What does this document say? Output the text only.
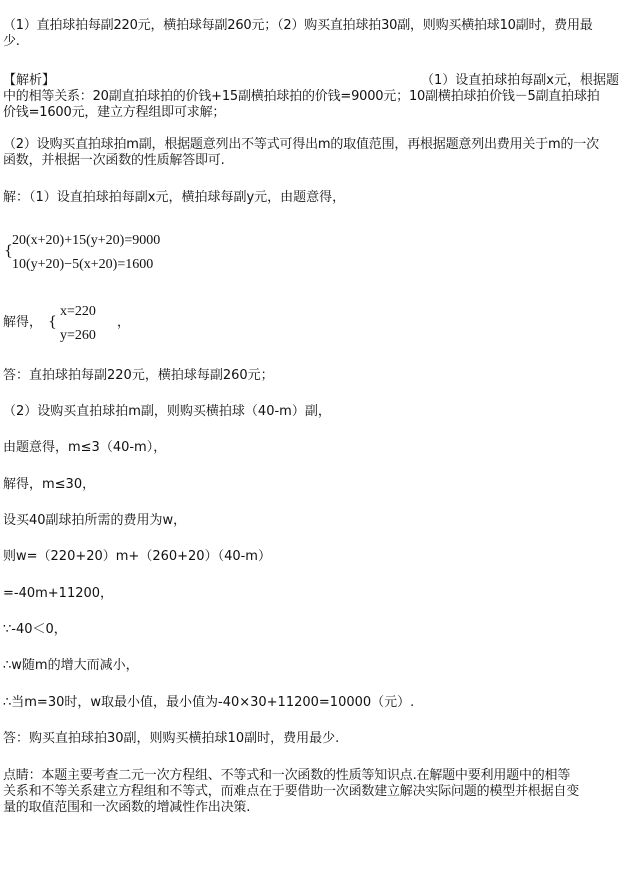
（1）直拍球拍每副220元，横拍球每副260元；（2）购买直拍球拍30副，则购买横拍球10副时，费用最
少.
【解析】	（1）设直拍球拍每副x元，根据题
中的相等关系：20副直拍球拍的价钱+15副横拍球拍的价钱=9000元；10副横拍球拍价钱－5副直拍球拍
价钱=1600元，建立方程组即可求解；
（2）设购买直拍球拍m副，根据题意列出不等式可得出m的取值范围，再根据题意列出费用关于m的一次
函数，并根据一次函数的性质解答即可.
解：（1）设直拍球拍每副x元，横拍球每副y元，由题意得，
{
20(x+20)+15(y+20)=9000
10(y+20)−5(x+20)=1600
解得， {
x=220
y=260
，
答：直拍球拍每副220元，横拍球每副260元；
（2）设购买直拍球拍m副，则购买横拍球（40-m）副，
由题意得，m≤3（40-m），
解得，m≤30，
设买40副球拍所需的费用为w，
则w=（220+20）m+（260+20）（40-m）
=-40m+11200，
∵-40＜0，
∴w随m的增大而减小，
∴当m=30时，w取最小值，最小值为-40×30+11200=10000（元）.
答：购买直拍球拍30副，则购买横拍球10副时，费用最少.
点睛：本题主要考查二元一次方程组、不等式和一次函数的性质等知识点.在解题中要利用题中的相等
关系和不等关系建立方程组和不等式，而难点在于要借助一次函数建立解决实际问题的模型并根据自变
量的取值范围和一次函数的增减性作出决策.
